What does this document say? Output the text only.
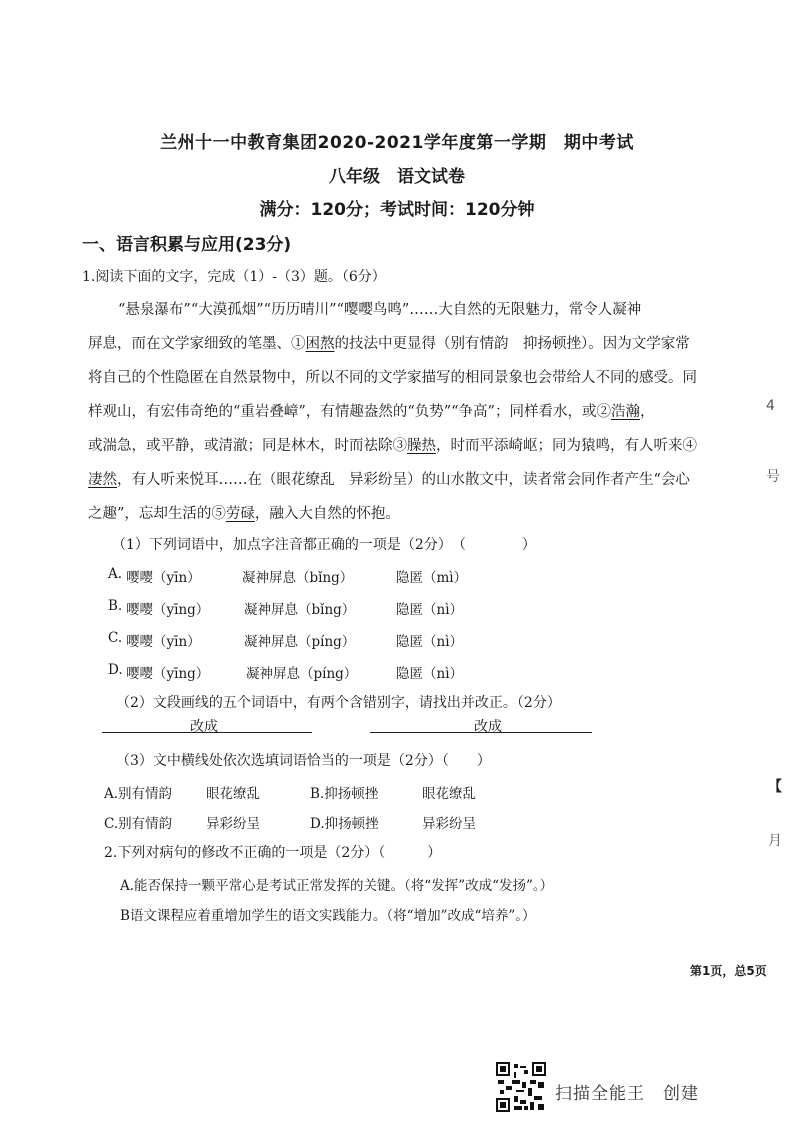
兰州十一中教育集团2020-2021学年度第一学期　期中考试
八年级　语文试卷
满分：120分；考试时间：120分钟
一、语言积累与应用(23分)
1.阅读下面的文字，完成（1）-（3）题。（6分）
“悬泉瀑布”“大漠孤烟”“历历晴川”“嘤嘤鸟鸣”……大自然的无限魅力，常令人凝神
屏息，而在文学家细致的笔墨、①困熬的技法中更显得（别有情韵　抑扬顿挫）。因为文学家常
将自己的个性隐匿在自然景物中，所以不同的文学家描写的相同景象也会带给人不同的感受。同
样观山，有宏伟奇绝的“重岩叠嶂”，有情趣盎然的“负势”“争高”；同样看水，或②浩瀚，
或湍急，或平静，或清澈；同是林木，时而祛除③臊热，时而平添崎岖；同为猿鸣，有人听来④
凄然，有人听来悦耳……在（眼花缭乱　异彩纷呈）的山水散文中，读者常会同作者产生“会心
之趣”，忘却生活的⑤劳碌，融入大自然的怀抱。
（1）下列词语中，加点字注音都正确的一项是（2分）　（　　　　）
A. 嘤嘤（yīn）	凝神屏息（bǐng）	隐匿（mì）
B. 嘤嘤（yīng）	凝神屏息（bǐng）	隐匿（nì）
C. 嘤嘤（yīn）	凝神屏息（píng）	隐匿（nì）
D. 嘤嘤（yīng）	凝神屏息（píng）	隐匿（nì）
（2）文段画线的五个词语中，有两个含错别字，请找出并改正。（2分）
改成	改成
（3）文中横线处依次选填词语恰当的一项是（2分）（　　）
A.别有情韵	眼花缭乱	B.抑扬顿挫	眼花缭乱
C.别有情韵	异彩纷呈	D.抑扬顿挫	异彩纷呈
2.下列对病句的修改不正确的一项是（2分）（　　　）
A.能否保持一颗平常心是考试正常发挥的关键。（将“发挥”改成“发扬”。）
B语文课程应着重增加学生的语文实践能力。（将“增加”改成“培养”。）
4
号
【
月
第1页，总5页
扫描全能王　创建
